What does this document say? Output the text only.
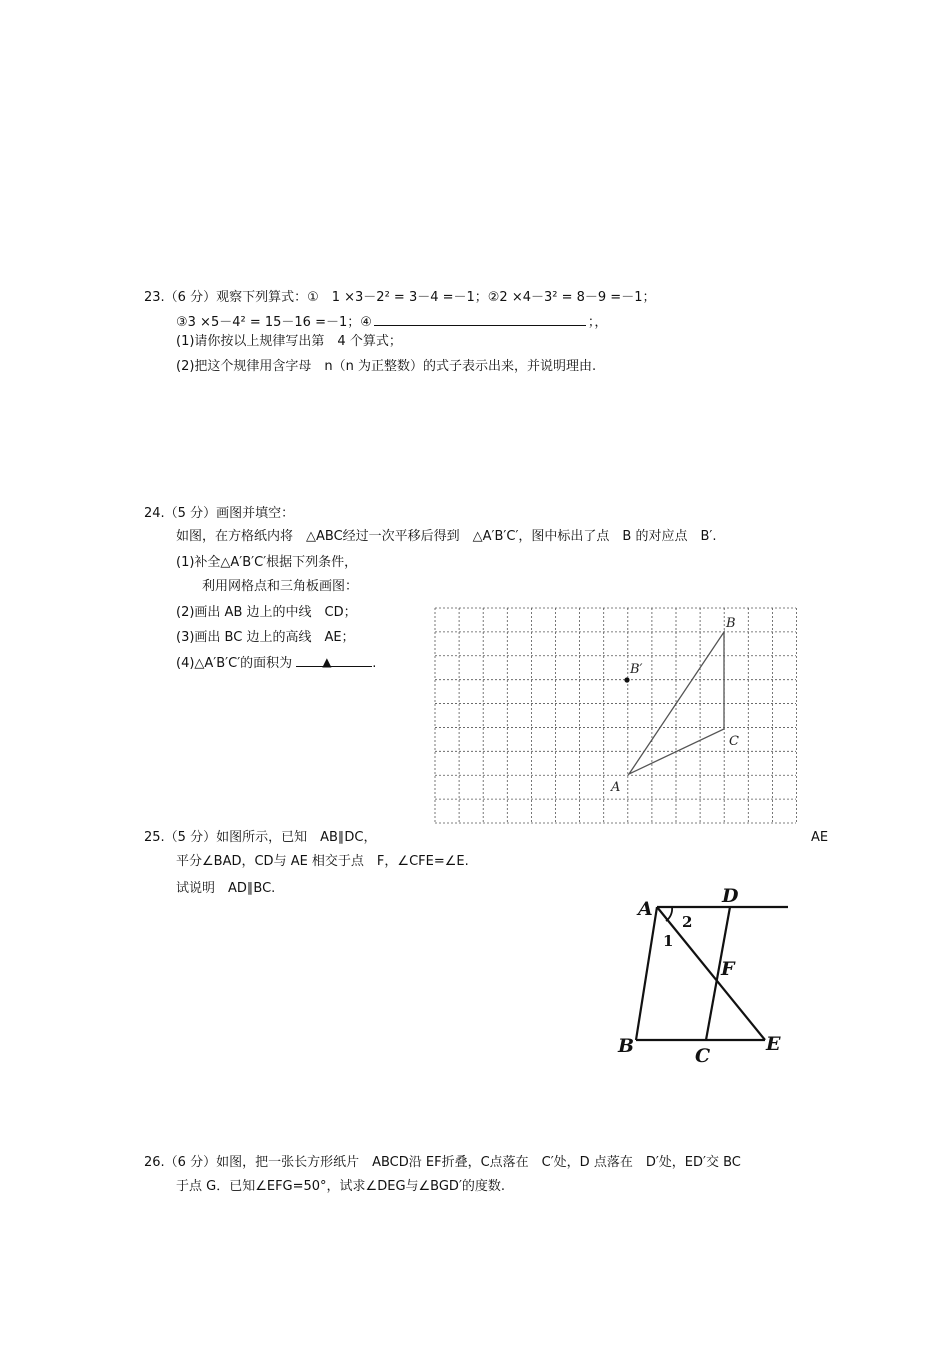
23.（6 分）观察下列算式：①　1 ×3－2² = 3－4 =－1；②2 ×4－3² = 8－9 =－1；
③3 ×5－4² = 15－16 =－1；④	；，
(1)请你按以上规律写出第　4 个算式；
(2)把这个规律用含字母　n（n 为正整数）的式子表示出来，并说明理由.
24.（5 分）画图并填空：
如图，在方格纸内将　△ABC经过一次平移后得到　△A′B′C′，图中标出了点　B 的对应点　B′.
(1)补全△A′B′C′根据下列条件，
利用网格点和三角板画图：
(2)画出 AB 边上的中线　CD；
(3)画出 BC 边上的高线　AE；
(4)△A′B′C′的面积为	▲	.
A
B
C
B′
25.（5 分）如图所示，已知　AB∥DC，	AE
平分∠BAD，CD与 AE 相交于点　F，∠CFE=∠E.
试说明　AD∥BC.
A
D
F
B	C
E
2
1
26.（6 分）如图，把一张长方形纸片　ABCD沿 EF折叠，C点落在　C′处，D 点落在　D′处，ED′交 BC
于点 G．已知∠EFG=50°，试求∠DEG与∠BGD′的度数.
